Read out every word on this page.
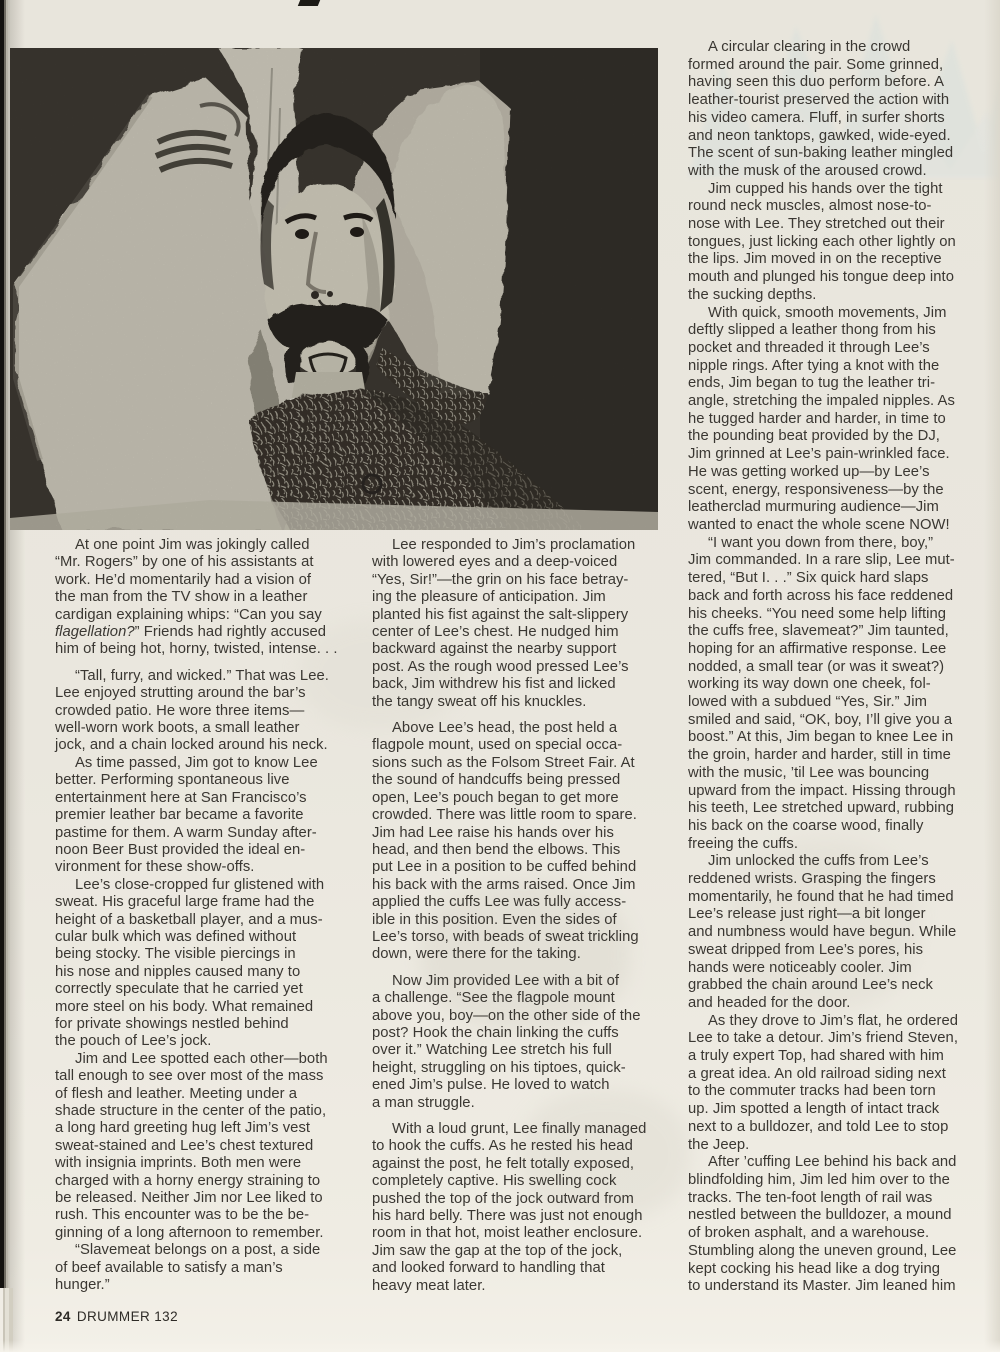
At one point Jim was jokingly called
“Mr. Rogers” by one of his assistants at
work. He’d momentarily had a vision of
the man from the TV show in a leather
cardigan explaining whips: “Can you say
flagellation?” Friends had rightly accused
him of being hot, horny, twisted, intense. . .

“Tall, furry, and wicked.” That was Lee.
Lee enjoyed strutting around the bar’s
crowded patio. He wore three items—
well-worn work boots, a small leather
jock, and a chain locked around his neck.

As time passed, Jim got to know Lee
better. Performing spontaneous live
entertainment here at San Francisco’s
premier leather bar became a favorite
pastime for them. A warm Sunday after-
noon Beer Bust provided the ideal en-
vironment for these show-offs.

Lee’s close-cropped fur glistened with
sweat. His graceful large frame had the
height of a basketball player, and a mus-
cular bulk which was defined without
being stocky. The visible piercings in
his nose and nipples caused many to
correctly speculate that he carried yet
more steel on his body. What remained
for private showings nestled behind
the pouch of Lee’s jock.

Jim and Lee spotted each other—both
tall enough to see over most of the mass
of flesh and leather. Meeting under a
shade structure in the center of the patio,
a long hard greeting hug left Jim’s vest
sweat-stained and Lee’s chest textured
with insignia imprints. Both men were
charged with a horny energy straining to
be released. Neither Jim nor Lee liked to
rush. This encounter was to be the be-
ginning of a long afternoon to remember.

“Slavemeat belongs on a post, a side
of beef available to satisfy a man’s
hunger.”

Lee responded to Jim’s proclamation
with lowered eyes and a deep-voiced
“Yes, Sir!”—the grin on his face betray-
ing the pleasure of anticipation. Jim
planted his fist against the salt-slippery
center of Lee’s chest. He nudged him
backward against the nearby support
post. As the rough wood pressed Lee’s
back, Jim withdrew his fist and licked
the tangy sweat off his knuckles.

Above Lee’s head, the post held a
flagpole mount, used on special occa-
sions such as the Folsom Street Fair. At
the sound of handcuffs being pressed
open, Lee’s pouch began to get more
crowded. There was little room to spare.
Jim had Lee raise his hands over his
head, and then bend the elbows. This
put Lee in a position to be cuffed behind
his back with the arms raised. Once Jim
applied the cuffs Lee was fully access-
ible in this position. Even the sides of
Lee’s torso, with beads of sweat trickling
down, were there for the taking.

Now Jim provided Lee with a bit of
a challenge. “See the flagpole mount
above you, boy—on the other side of the
post? Hook the chain linking the cuffs
over it.” Watching Lee stretch his full
height, struggling on his tiptoes, quick-
ened Jim’s pulse. He loved to watch
a man struggle.

With a loud grunt, Lee finally managed
to hook the cuffs. As he rested his head
against the post, he felt totally exposed,
completely captive. His swelling cock
pushed the top of the jock outward from
his hard belly. There was just not enough
room in that hot, moist leather enclosure.
Jim saw the gap at the top of the jock,
and looked forward to handling that
heavy meat later.

A circular clearing in the crowd
formed around the pair. Some grinned,
having seen this duo perform before. A
leather-tourist preserved the action with
his video camera. Fluff, in surfer shorts
and neon tanktops, gawked, wide-eyed.
The scent of sun-baking leather mingled
with the musk of the aroused crowd.

Jim cupped his hands over the tight
round neck muscles, almost nose-to-
nose with Lee. They stretched out their
tongues, just licking each other lightly on
the lips. Jim moved in on the receptive
mouth and plunged his tongue deep into
the sucking depths.

With quick, smooth movements, Jim
deftly slipped a leather thong from his
pocket and threaded it through Lee’s
nipple rings. After tying a knot with the
ends, Jim began to tug the leather tri-
angle, stretching the impaled nipples. As
he tugged harder and harder, in time to
the pounding beat provided by the DJ,
Jim grinned at Lee’s pain-wrinkled face.
He was getting worked up—by Lee’s
scent, energy, responsiveness—by the
leatherclad murmuring audience—Jim
wanted to enact the whole scene NOW!

“I want you down from there, boy,”
Jim commanded. In a rare slip, Lee mut-
tered, “But I. . .” Six quick hard slaps
back and forth across his face reddened
his cheeks. “You need some help lifting
the cuffs free, slavemeat?” Jim taunted,
hoping for an affirmative response. Lee
nodded, a small tear (or was it sweat?)
working its way down one cheek, fol-
lowed with a subdued “Yes, Sir.” Jim
smiled and said, “OK, boy, I’ll give you a
boost.” At this, Jim began to knee Lee in
the groin, harder and harder, still in time
with the music, ’til Lee was bouncing
upward from the impact. Hissing through
his teeth, Lee stretched upward, rubbing
his back on the coarse wood, finally
freeing the cuffs.

Jim unlocked the cuffs from Lee’s
reddened wrists. Grasping the fingers
momentarily, he found that he had timed
Lee’s release just right—a bit longer
and numbness would have begun. While
sweat dripped from Lee’s pores, his
hands were noticeably cooler. Jim
grabbed the chain around Lee’s neck
and headed for the door.

As they drove to Jim’s flat, he ordered
Lee to take a detour. Jim’s friend Steven,
a truly expert Top, had shared with him
a great idea. An old railroad siding next
to the commuter tracks had been torn
up. Jim spotted a length of intact track
next to a bulldozer, and told Lee to stop
the Jeep.

After ’cuffing Lee behind his back and
blindfolding him, Jim led him over to the
tracks. The ten-foot length of rail was
nestled between the bulldozer, a mound
of broken asphalt, and a warehouse.
Stumbling along the uneven ground, Lee
kept cocking his head like a dog trying
to understand its Master. Jim leaned him

24 DRUMMER 132
